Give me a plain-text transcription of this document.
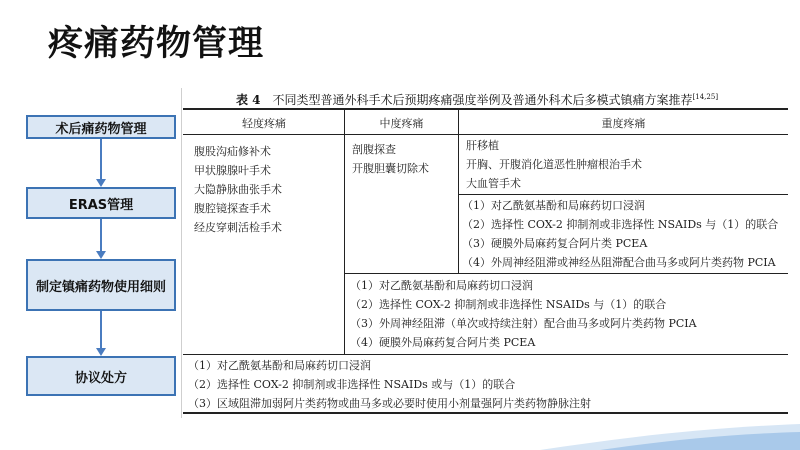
疼痛药物管理
术后痛药物管理
ERAS管理
制定镇痛药物使用细则
协议处方
表 4 不同类型普通外科手术后预期疼痛强度举例及普通外科术后多模式镇痛方案推荐[14,25]
轻度疼痛	中度疼痛	重度疼痛
腹股沟疝修补术
甲状腺腺叶手术
大隐静脉曲张手术
腹腔镜探查手术
经皮穿刺活检手术
剖腹探查
开腹胆囊切除术
肝移植
开胸、开腹消化道恶性肿瘤根治手术
大血管手术
（1）对乙酰氨基酚和局麻药切口浸润
（2）选择性 COX-2 抑制剂或非选择性 NSAIDs 与（1）的联合
（3）硬膜外局麻药复合阿片类 PCEA
（4）外周神经阻滞或神经丛阻滞配合曲马多或阿片类药物 PCIA
（1）对乙酰氨基酚和局麻药切口浸润
（2）选择性 COX-2 抑制剂或非选择性 NSAIDs 与（1）的联合
（3）外周神经阻滞（单次或持续注射）配合曲马多或阿片类药物 PCIA
（4）硬膜外局麻药复合阿片类 PCEA
（1）对乙酰氨基酚和局麻药切口浸润
（2）选择性 COX-2 抑制剂或非选择性 NSAIDs 或与（1）的联合
（3）区域阻滞加弱阿片类药物或曲马多或必要时使用小剂量强阿片类药物静脉注射
